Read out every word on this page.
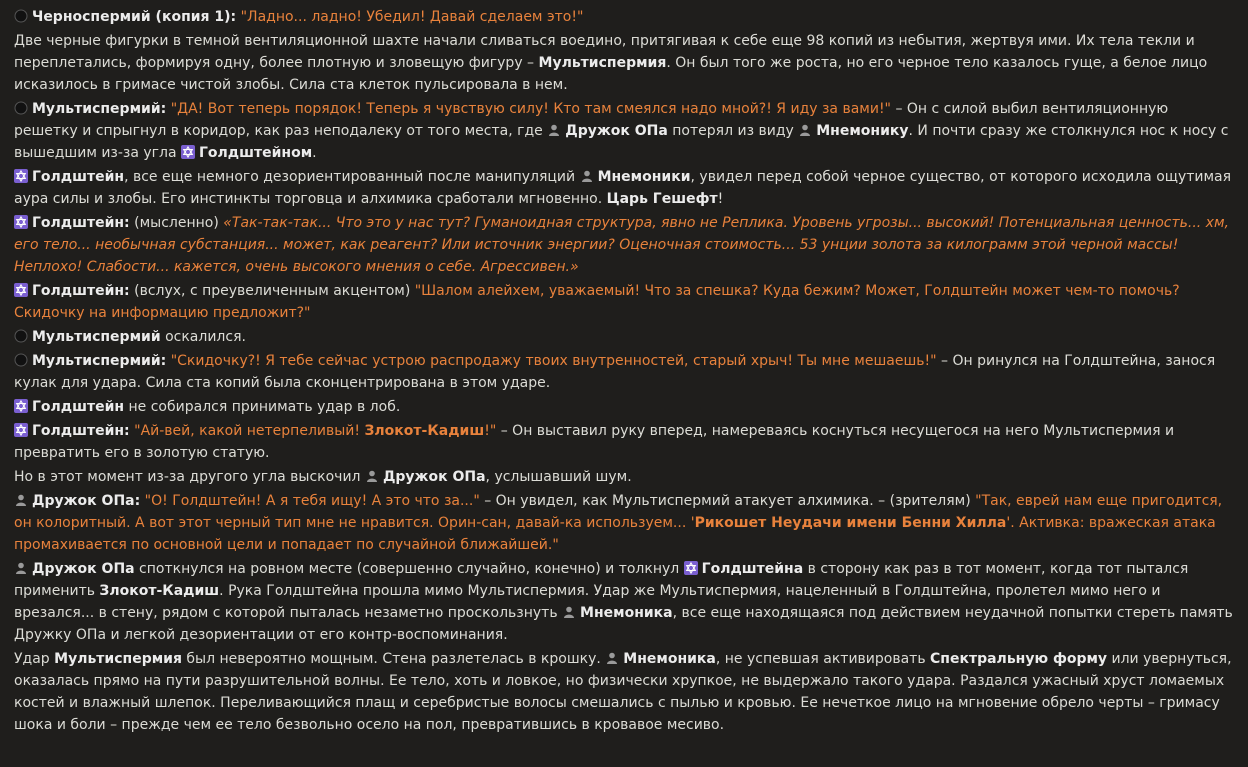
Черноспермий (копия 1): "Ладно... ладно! Убедил! Давай сделаем это!"
Две черные фигурки в темной вентиляционной шахте начали сливаться воедино, притягивая к себе еще 98 копий из небытия, жертвуя ими. Их тела текли и переплетались, формируя одну, более плотную и зловещую фигуру – Мультиспермия. Он был того же роста, но его черное тело казалось гуще, а белое лицо исказилось в гримасе чистой злобы. Сила ста клеток пульсировала в нем.
Мультиспермий: "ДА! Вот теперь порядок! Теперь я чувствую силу! Кто там смеялся надо мной?! Я иду за вами!" – Он с силой выбил вентиляционную решетку и спрыгнул в коридор, как раз неподалеку от того места, где
Дружок ОПа потерял из виду
Мнемонику. И почти сразу же столкнулся нос к носу с вышедшим из-за угла
Голдштейном.
Голдштейн, все еще немного дезориентированный после манипуляций
Мнемоники, увидел перед собой черное существо, от которого исходила ощутимая аура силы и злобы. Его инстинкты торговца и алхимика сработали мгновенно. Царь Гешефт!
Голдштейн: (мысленно) «Так-так-так... Что это у нас тут? Гуманоидная структура, явно не Реплика. Уровень угрозы... высокий! Потенциальная ценность... хм, его тело... необычная субстанция... может, как реагент? Или источник энергии? Оценочная стоимость... 53 унции золота за килограмм этой черной массы! Неплохо! Слабости... кажется, очень высокого мнения о себе. Агрессивен.»
Голдштейн: (вслух, с преувеличенным акцентом) "Шалом алейхем, уважаемый! Что за спешка? Куда бежим? Может, Голдштейн может чем-то помочь? Скидочку на информацию предложит?"
Мультиспермий оскалился.
Мультиспермий: "Скидочку?! Я тебе сейчас устрою распродажу твоих внутренностей, старый хрыч! Ты мне мешаешь!" – Он ринулся на Голдштейна, занося кулак для удара. Сила ста копий была сконцентрирована в этом ударе.
Голдштейн не собирался принимать удар в лоб.
Голдштейн: "Ай-вей, какой нетерпеливый! Злокот-Кадиш!" – Он выставил руку вперед, намереваясь коснуться несущегося на него Мультиспермия и превратить его в золотую статую.
Но в этот момент из-за другого угла выскочил
Дружок ОПа, услышавший шум.
Дружок ОПа: "О! Голдштейн! А я тебя ищу! А это что за..." – Он увидел, как Мультиспермий атакует алхимика. – (зрителям) "Так, еврей нам еще пригодится, он колоритный. А вот этот черный тип мне не нравится. Орин-сан, давай-ка используем... 'Рикошет Неудачи имени Бенни Хилла'. Активка: вражеская атака промахивается по основной цели и попадает по случайной ближайшей."
Дружок ОПа споткнулся на ровном месте (совершенно случайно, конечно) и толкнул
Голдштейна в сторону как раз в тот момент, когда тот пытался применить Злокот-Кадиш. Рука Голдштейна прошла мимо Мультиспермия. Удар же Мультиспермия, нацеленный в Голдштейна, пролетел мимо него и врезался... в стену, рядом с которой пыталась незаметно проскользнуть
Мнемоника, все еще находящаяся под действием неудачной попытки стереть память Дружку ОПа и легкой дезориентации от его контр-воспоминания.
Удар Мультиспермия был невероятно мощным. Стена разлетелась в крошку.
Мнемоника, не успевшая активировать Спектральную форму или увернуться, оказалась прямо на пути разрушительной волны. Ее тело, хоть и ловкое, но физически хрупкое, не выдержало такого удара. Раздался ужасный хруст ломаемых костей и влажный шлепок. Переливающийся плащ и серебристые волосы смешались с пылью и кровью. Ее нечеткое лицо на мгновение обрело черты – гримасу шока и боли – прежде чем ее тело безвольно осело на пол, превратившись в кровавое месиво.
